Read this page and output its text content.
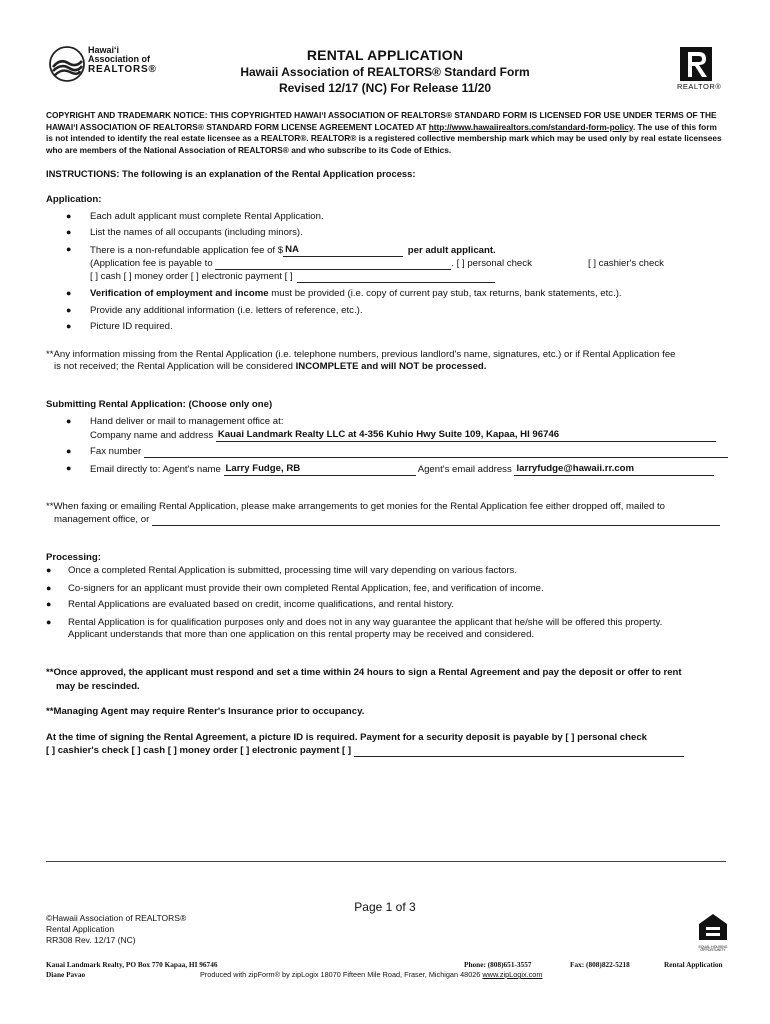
Hawai‘i
Association of
REALTORS®
RENTAL APPLICATION
Hawaii Association of REALTORS® Standard Form
Revised 12/17 (NC) For Release 11/20	REALTOR®
COPYRIGHT AND TRADEMARK NOTICE: THIS COPYRIGHTED HAWAI‘I ASSOCIATION OF REALTORS® STANDARD FORM IS LICENSED FOR USE UNDER TERMS OF THE HAWAI‘I ASSOCIATION OF REALTORS® STANDARD FORM LICENSE AGREEMENT LOCATED AT http://www.hawaiirealtors.com/standard-form-policy. The use of this form is not intended to identify the real estate licensee as a REALTOR®. REALTOR® is a registered collective membership mark which may be used only by real estate licensees who are members of the National Association of REALTORS® and who subscribe to its Code of Ethics.
INSTRUCTIONS: The following is an explanation of the Rental Application process:
Application:
● Each adult applicant must complete Rental Application.
● List the names of all occupants (including minors).
● There is a non-refundable application fee of $ NA	per adult applicant.
(Application fee is payable to	. [ ] personal check	[ ] cashier's check
[ ] cash [ ] money order [ ] electronic payment [ ]
● Verification of employment and income must be provided (i.e. copy of current pay stub, tax returns, bank statements, etc.).
● Provide any additional information (i.e. letters of reference, etc.).
● Picture ID required.
**Any information missing from the Rental Application (i.e. telephone numbers, previous landlord's name, signatures, etc.) or if Rental Application fee
is not received; the Rental Application will be considered INCOMPLETE and will NOT be processed.
Submitting Rental Application: (Choose only one)
● Hand deliver or mail to management office at:
Company name and address Kauai Landmark Realty LLC at 4-356 Kuhio Hwy Suite 109, Kapaa, HI 96746
● Fax number
● Email directly to: Agent's name Larry Fudge, RB	Agent's email address larryfudge@hawaii.rr.com
**When faxing or emailing Rental Application, please make arrangements to get monies for the Rental Application fee either dropped off, mailed to
management office, or
Processing:
● Once a completed Rental Application is submitted, processing time will vary depending on various factors.
● Co-signers for an applicant must provide their own completed Rental Application, fee, and verification of income.
● Rental Applications are evaluated based on credit, income qualifications, and rental history.
● Rental Application is for qualification purposes only and does not in any way guarantee the applicant that he/she will be offered this property.
Applicant understands that more than one application on this rental property may be received and considered.
**Once approved, the applicant must respond and set a time within 24 hours to sign a Rental Agreement and pay the deposit or offer to rent
may be rescinded.
**Managing Agent may require Renter's Insurance prior to occupancy.
At the time of signing the Rental Agreement, a picture ID is required. Payment for a security deposit is payable by [ ] personal check
[ ] cashier's check [ ] cash [ ] money order [ ] electronic payment [ ]
Page 1 of 3
©Hawaii Association of REALTORS®
Rental Application
RR308 Rev. 12/17 (NC)
EQUAL HOUSING OPPORTUNITY
Kauai Landmark Realty, PO Box 770 Kapaa, HI 96746
Diane Pavao
Phone: (808)651-3557	Fax: (808)822-5218	Rental Application
Produced with zipForm® by zipLogix 18070 Fifteen Mile Road, Fraser, Michigan 48026 www.zipLogix.com
